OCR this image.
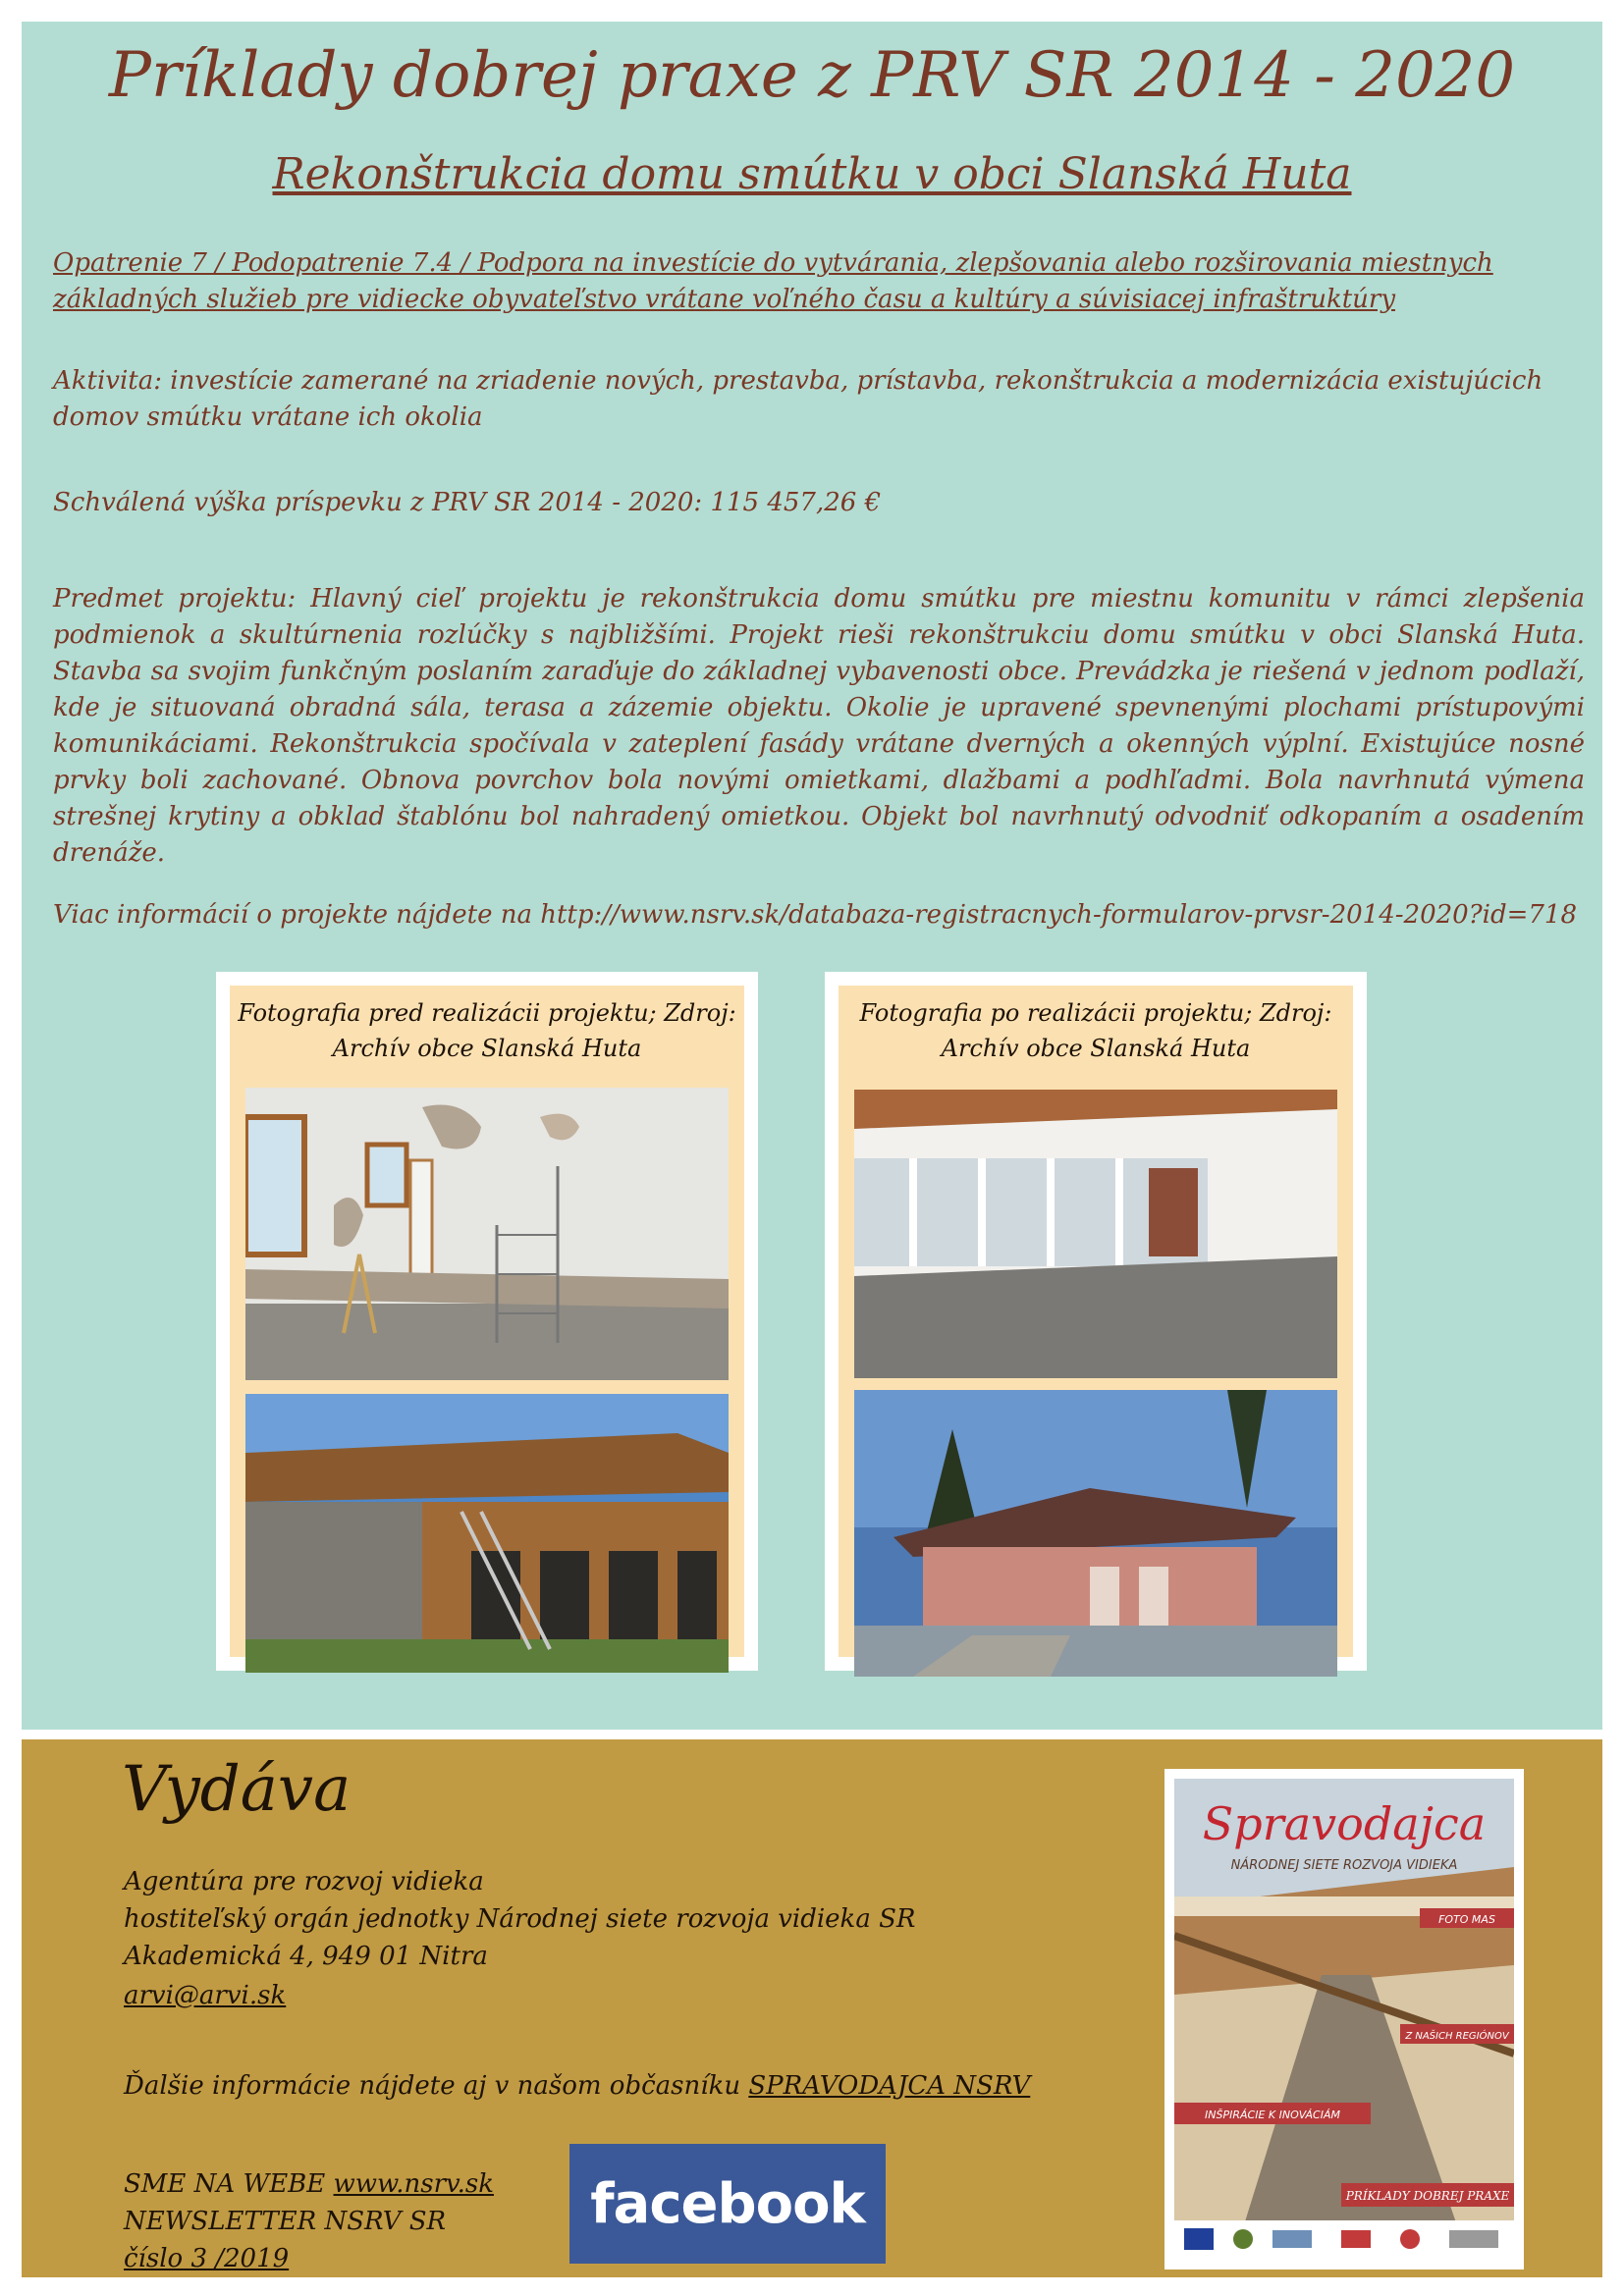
Príklady dobrej praxe z PRV SR 2014 - 2020
Rekonštrukcia domu smútku v obci Slanská Huta

Opatrenie 7 / Podopatrenie 7.4 / Podpora na investície do vytvárania, zlepšovania alebo rozširovania miestnych základných služieb pre vidiecke obyvateľstvo vrátane voľného času a kultúry a súvisiacej infraštruktúry

Aktivita: investície zamerané na zriadenie nových, prestavba, prístavba, rekonštrukcia a modernizácia existujúcich domov smútku vrátane ich okolia

Schválená výška príspevku z PRV SR 2014 - 2020: 115 457,26 €

Predmet projektu: Hlavný cieľ projektu je rekonštrukcia domu smútku pre miestnu komunitu v rámci zlepšenia podmienok a skultúrnenia rozlúčky s najbližšími. Projekt rieši rekonštrukciu domu smútku v obci Slanská Huta. Stavba sa svojim funkčným poslaním zaraďuje do základnej vybavenosti obce. Prevádzka je riešená v jednom podlaží, kde je situovaná obradná sála, terasa a zázemie objektu. Okolie je upravené spevnenými plochami prístupovými komunikáciami. Rekonštrukcia spočívala v zateplení fasády vrátane dverných a okenných výplní. Existujúce nosné prvky boli zachované. Obnova povrchov bola novými omietkami, dlažbami a podhľadmi. Bola navrhnutá výmena strešnej krytiny a obklad štablónu bol nahradený omietkou. Objekt bol navrhnutý odvodniť odkopaním a osadením drenáže.

Viac informácií o projekte nájdete na http://www.nsrv.sk/databaza-registracnych-formularov-prvsr-2014-2020?id=718

Fotografia pred realizácii projektu; Zdroj:
Archív obce Slanská Huta

Fotografia po realizácii projektu; Zdroj:
Archív obce Slanská Huta

Vydáva

Agentúra pre rozvoj vidieka

hostiteľský orgán jednotky Národnej siete rozvoja vidieka SR

Akademická 4, 949 01 Nitra

arvi@arvi.sk

Ďalšie informácie nájdete aj v našom občasníku SPRAVODAJCA NSRV

SME NA WEBE www.nsrv.sk

NEWSLETTER NSRV SR

číslo 3 /2019

facebook
Spravodajca
NÁRODNEJ SIETE ROZVOJA VIDIEKA
FOTO MAS
Z NAŠICH REGIÓNOV
INŠPIRÁCIE K INOVÁCIÁM
PRÍKLADY DOBREJ PRAXE
